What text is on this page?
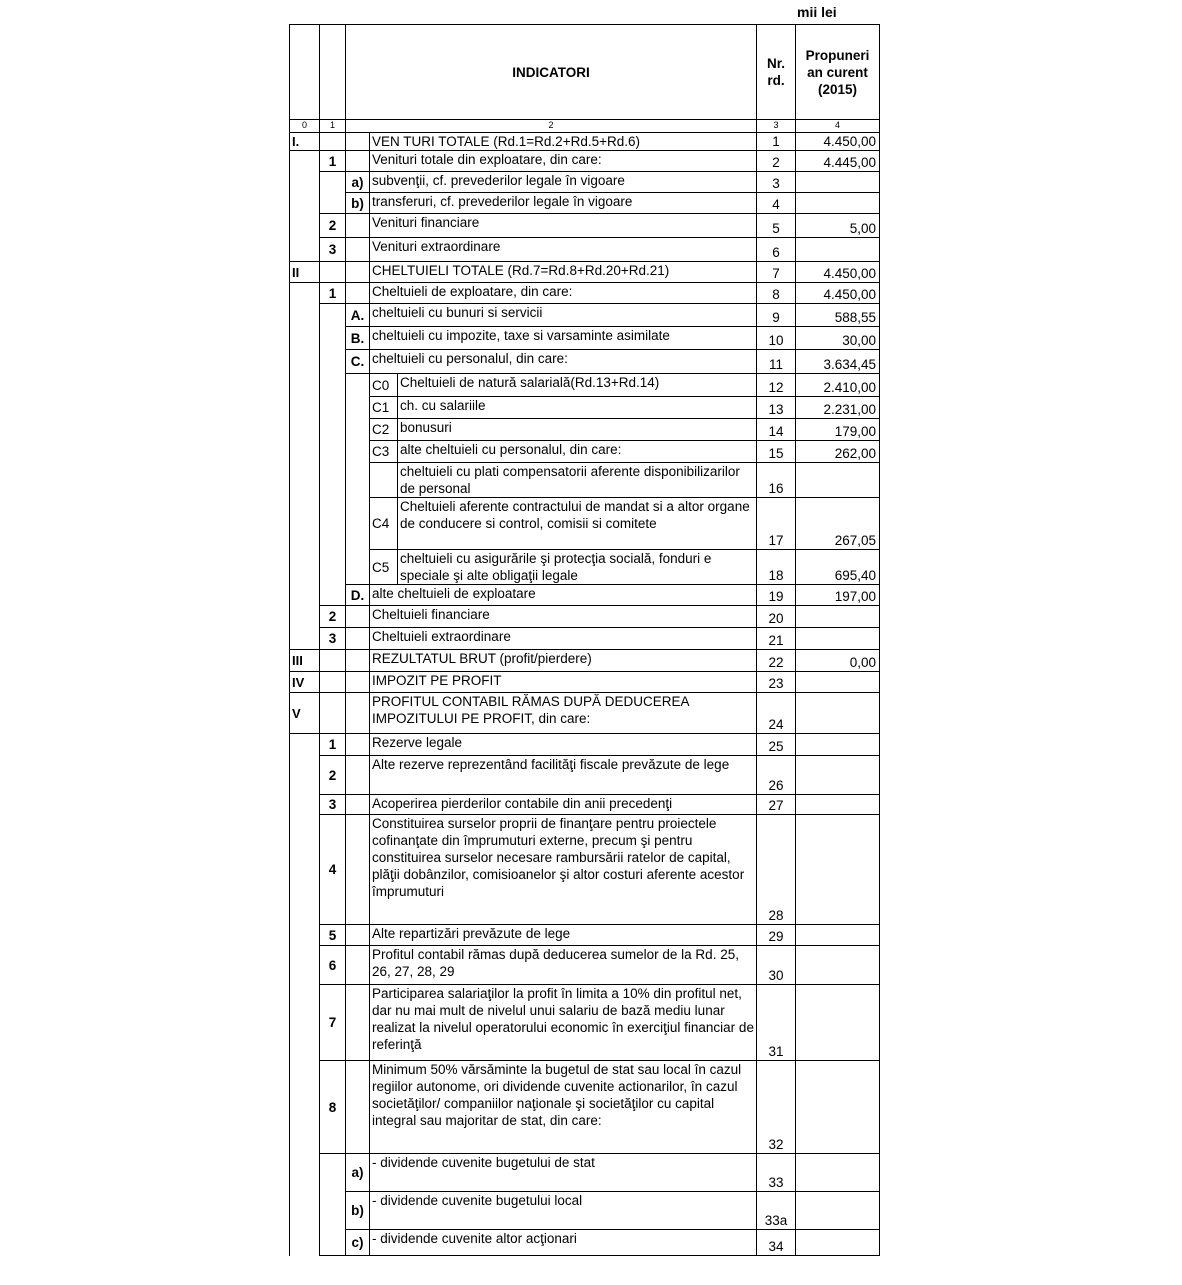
mii lei
		INDICATORI			Nr. rd.	Propuneri an curent (2015)
0	1	2			3	4
I.			VEN TURI TOTALE (Rd.1=Rd.2+Rd.5+Rd.6)		1	4.450,00
	1		Venituri totale din exploatare, din care:		2	4.445,00
		a)	subvenţii, cf. prevederilor legale în vigoare		3	
		b)	transferuri, cf. prevederilor legale în vigoare		4	
	2		Venituri financiare		5	5,00
	3		Venituri extraordinare		6	
II			CHELTUIELI TOTALE (Rd.7=Rd.8+Rd.20+Rd.21)		7	4.450,00
	1		Cheltuieli de exploatare, din care:		8	4.450,00
		A.	cheltuieli cu bunuri si servicii		9	588,55
		B.	cheltuieli cu impozite, taxe si varsaminte asimilate		10	30,00
		C.	cheltuieli cu personalul, din care:		11	3.634,45
			C0	Cheltuieli de natură salarială(Rd.13+Rd.14)	12	2.410,00
			C1	ch. cu salariile	13	2.231,00
			C2	bonusuri	14	179,00
			C3	alte cheltuieli cu personalul, din care:	15	262,00
				cheltuieli cu plati compensatorii aferente disponibilizarilor de personal	16	
			C4	Cheltuieli aferente contractului de mandat si a altor organe de conducere si control, comisii si comitete	17	267,05
			C5	cheltuieli cu asigurările şi protecţia socială, fonduri e speciale şi alte obligaţii legale	18	695,40
		D.	alte cheltuieli de exploatare		19	197,00
	2		Cheltuieli financiare		20	
	3		Cheltuieli extraordinare		21	
III			REZULTATUL BRUT (profit/pierdere)		22	0,00
IV			IMPOZIT PE PROFIT		23	
V			PROFITUL CONTABIL RĂMAS DUPĂ DEDUCEREA IMPOZITULUI PE PROFIT, din care:		24	
	1		Rezerve legale		25	
	2		Alte rezerve reprezentând facilităţi fiscale prevăzute de lege		26	
	3		Acoperirea pierderilor contabile din anii precedenţi		27	
	4		Constituirea surselor proprii de finanţare pentru proiectele cofinanţate din împrumuturi externe, precum şi pentru constituirea surselor necesare rambursării ratelor de capital, plăţii dobânzilor, comisioanelor şi altor costuri aferente acestor împrumuturi		28	
	5		Alte repartizări prevăzute de lege		29	
	6		Profitul contabil rămas după deducerea sumelor de la Rd. 25, 26, 27, 28, 29		30	
	7		Participarea salariaţilor la profit în limita a 10% din profitul net, dar nu mai mult de nivelul unui salariu de bază mediu lunar realizat la nivelul operatorului economic în exerciţiul financiar de referinţă		31	
	8		Minimum 50% vărsăminte la bugetul de stat sau local în cazul regiilor autonome, ori dividende cuvenite actionarilor, în cazul societăţilor/ companiilor naţionale şi societăţilor cu capital integral sau majoritar de stat, din care:		32	
		a)	- dividende cuvenite bugetului de stat		33	
		b)	- dividende cuvenite bugetului local		33a	
		c)	- dividende cuvenite altor acţionari		34	
